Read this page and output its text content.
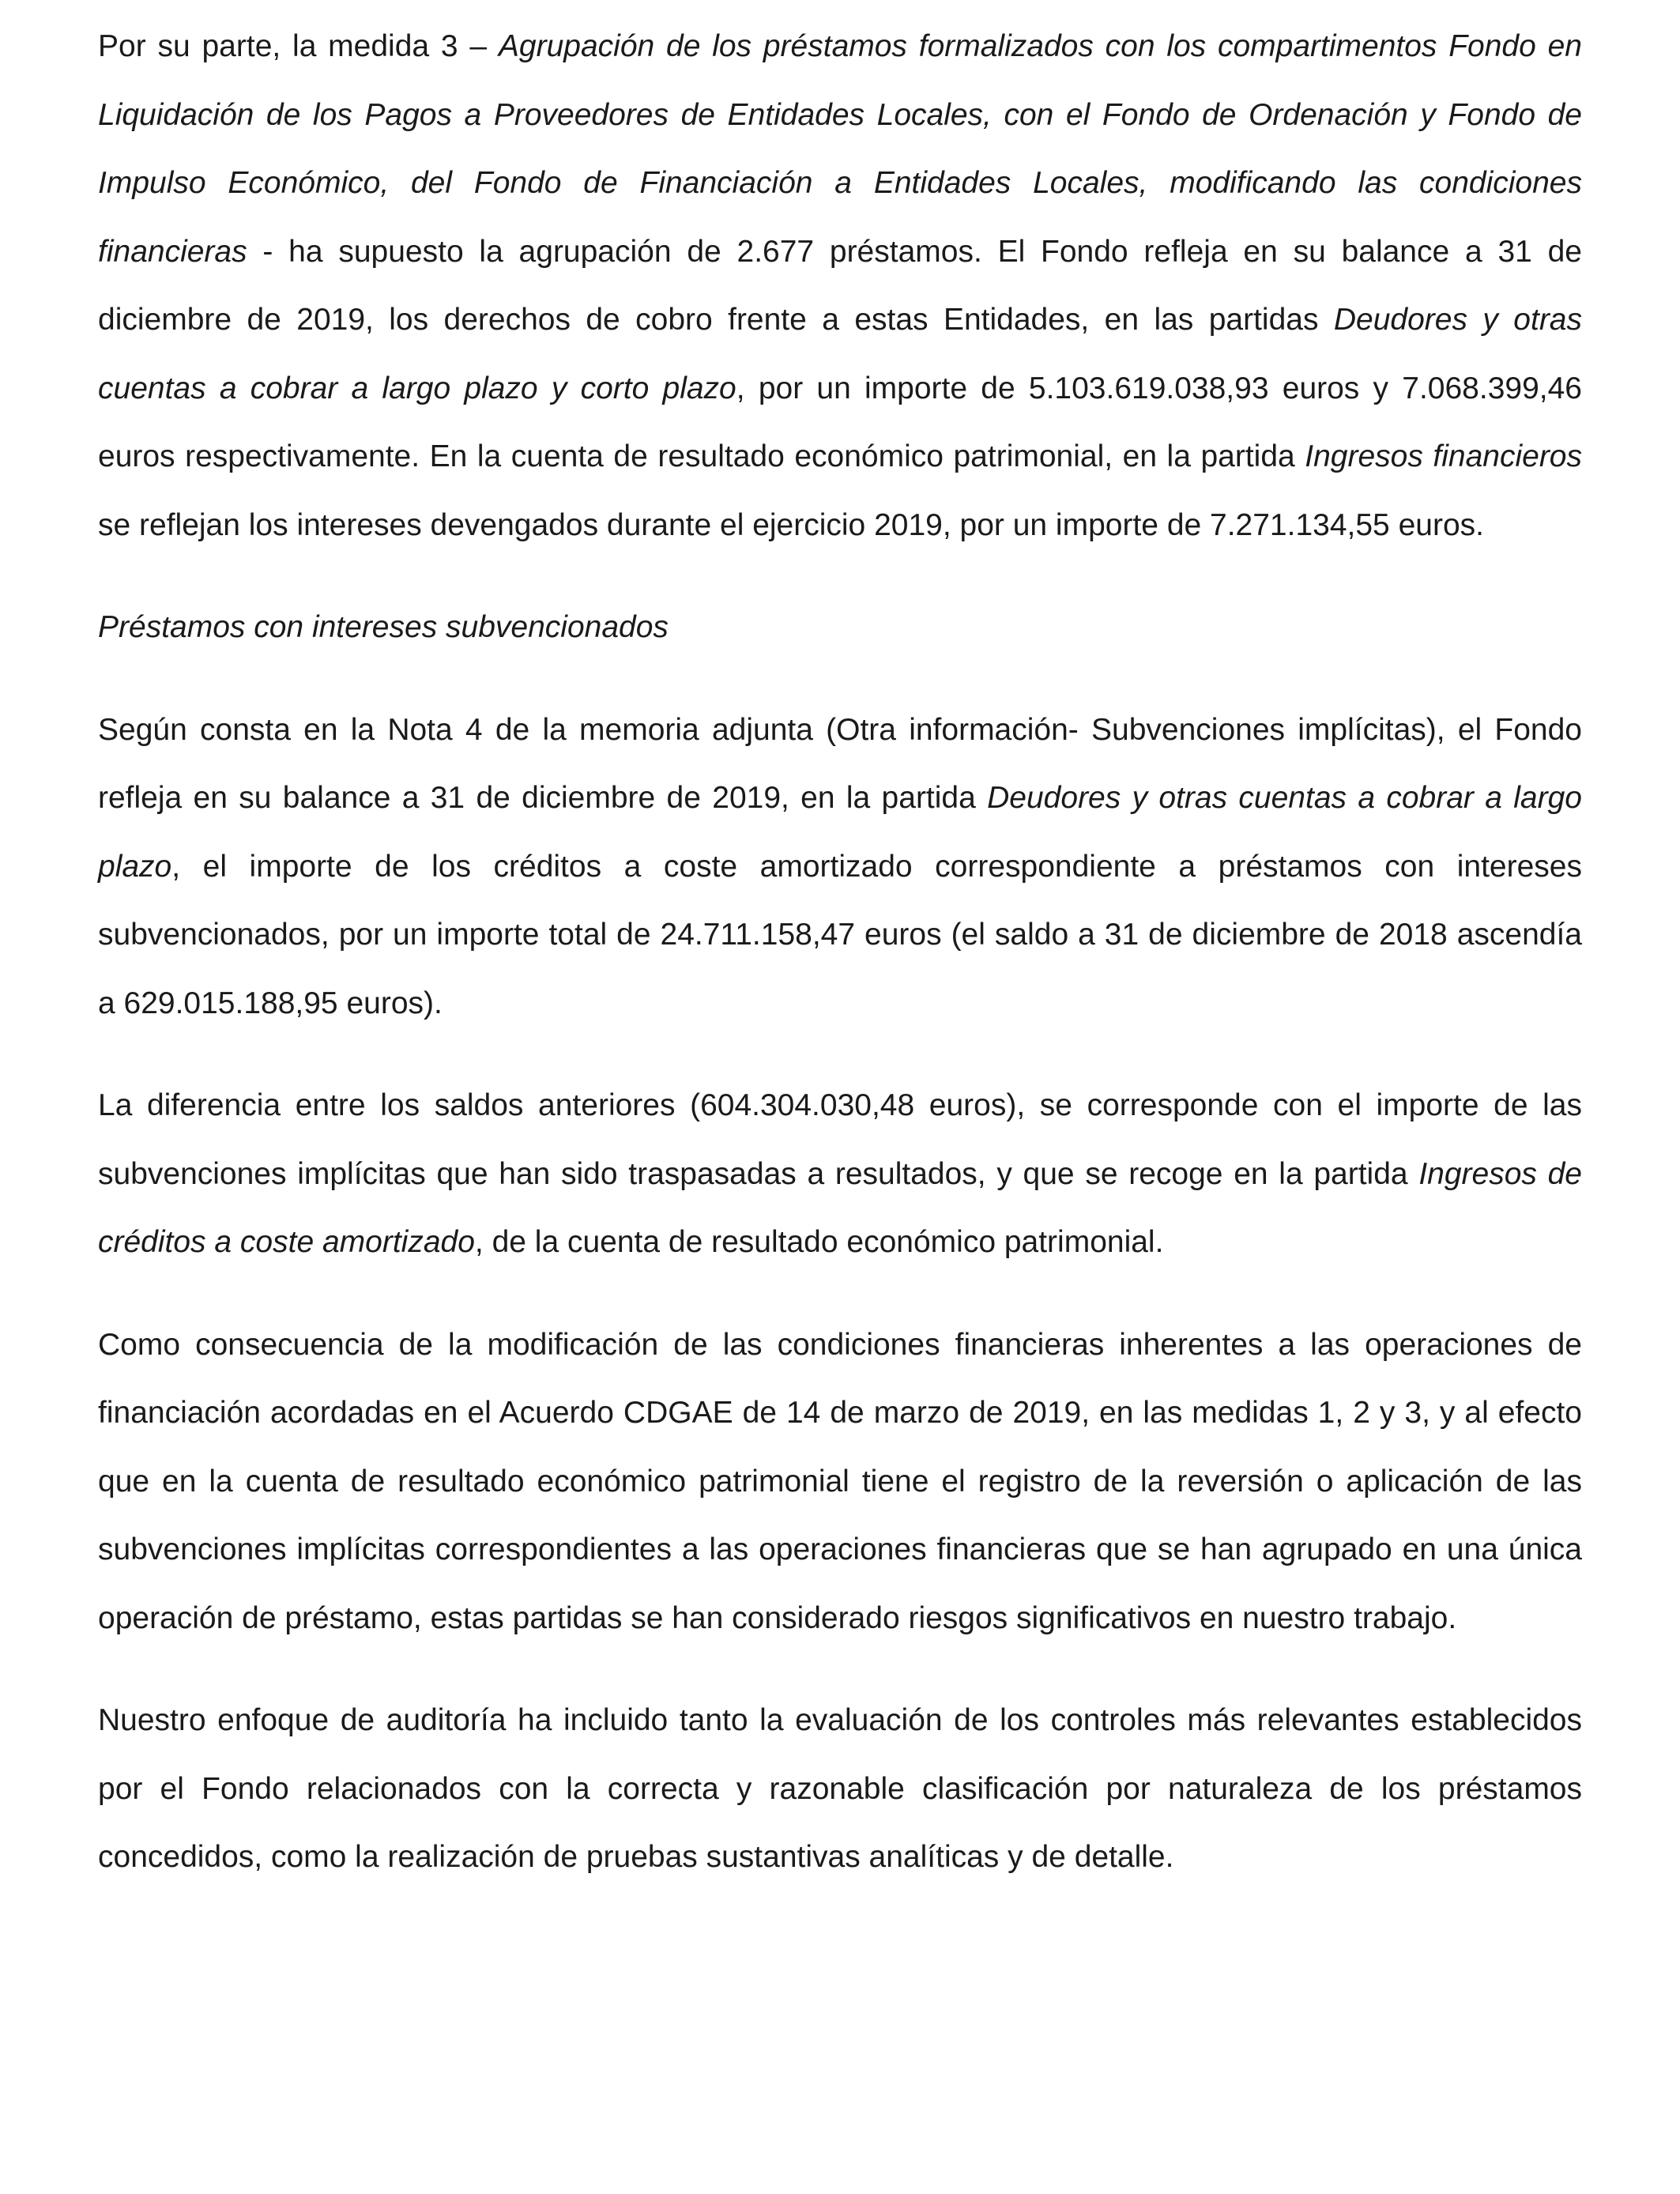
Por su parte, la medida 3 – Agrupación de los préstamos formalizados con los compartimentos Fondo en Liquidación de los Pagos a Proveedores de Entidades Locales, con el Fondo de Ordenación y Fondo de Impulso Económico, del Fondo de Financiación a Entidades Locales, modificando las condiciones financieras - ha supuesto la agrupación de 2.677 préstamos. El Fondo refleja en su balance a 31 de diciembre de 2019, los derechos de cobro frente a estas Entidades, en las partidas Deudores y otras cuentas a cobrar a largo plazo y corto plazo, por un importe de 5.103.619.038,93 euros y 7.068.399,46 euros respectivamente. En la cuenta de resultado económico patrimonial, en la partida Ingresos financieros se reflejan los intereses devengados durante el ejercicio 2019, por un importe de 7.271.134,55 euros.

Préstamos con intereses subvencionados

Según consta en la Nota 4 de la memoria adjunta (Otra información- Subvenciones implícitas), el Fondo refleja en su balance a 31 de diciembre de 2019, en la partida Deudores y otras cuentas a cobrar a largo plazo, el importe de los créditos a coste amortizado correspondiente a préstamos con intereses subvencionados, por un importe total de 24.711.158,47 euros (el saldo a 31 de diciembre de 2018 ascendía a 629.015.188,95 euros).

La diferencia entre los saldos anteriores (604.304.030,48 euros), se corresponde con el importe de las subvenciones implícitas que han sido traspasadas a resultados, y que se recoge en la partida Ingresos de créditos a coste amortizado, de la cuenta de resultado económico patrimonial.

Como consecuencia de la modificación de las condiciones financieras inherentes a las operaciones de financiación acordadas en el Acuerdo CDGAE de 14 de marzo de 2019, en las medidas 1, 2 y 3, y al efecto que en la cuenta de resultado económico patrimonial tiene el registro de la reversión o aplicación de las subvenciones implícitas correspondientes a las operaciones financieras que se han agrupado en una única operación de préstamo, estas partidas se han considerado riesgos significativos en nuestro trabajo.

Nuestro enfoque de auditoría ha incluido tanto la evaluación de los controles más relevantes establecidos por el Fondo relacionados con la correcta y razonable clasificación por naturaleza de los préstamos concedidos, como la realización de pruebas sustantivas analíticas y de detalle.
